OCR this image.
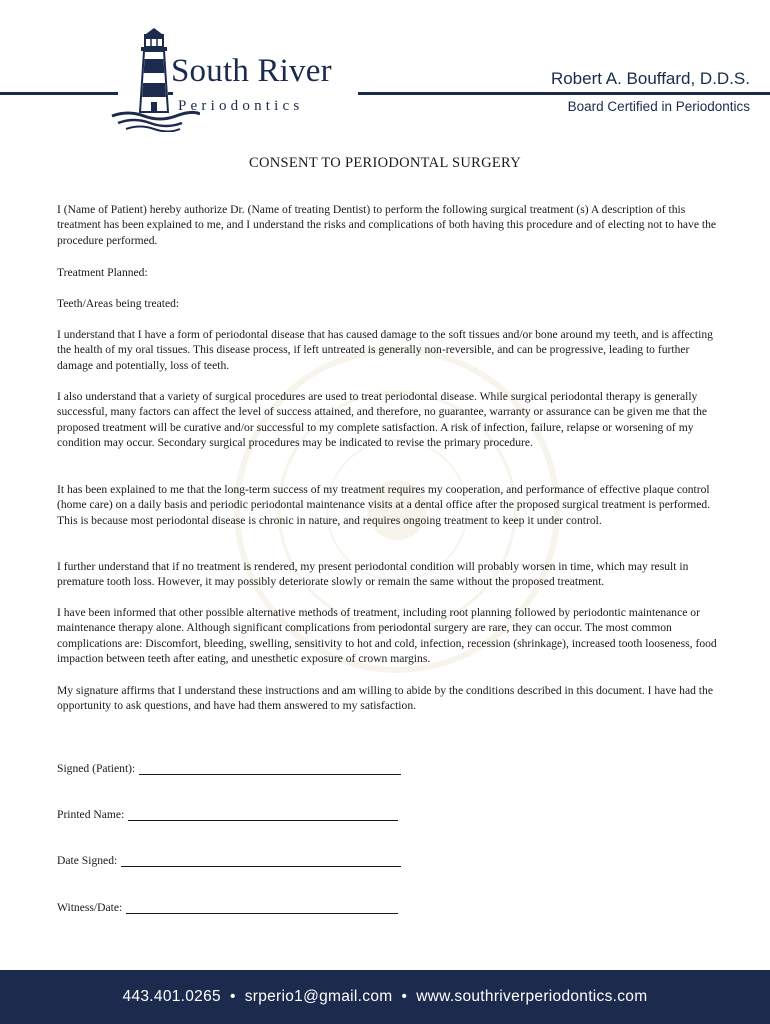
South River
Periodontics
Robert A. Bouffard, D.D.S.
Board Certified in Periodontics
CONSENT TO PERIODONTAL SURGERY

I (Name of Patient) hereby authorize Dr. (Name of treating Dentist) to perform the following surgical treatment (s) A description of this treatment has been explained to me, and I understand the risks and complications of both having this procedure and of electing not to have the procedure performed.

Treatment Planned:

Teeth/Areas being treated:

I understand that I have a form of periodontal disease that has caused damage to the soft tissues and/or bone around my teeth, and is affecting the health of my oral tissues. This disease process, if left untreated is generally non-reversible, and can be progressive, leading to further damage and potentially, loss of teeth.

I also understand that a variety of surgical procedures are used to treat periodontal disease. While surgical periodontal therapy is generally successful, many factors can affect the level of success attained, and therefore, no guarantee, warranty or assurance can be given me that the proposed treatment will be curative and/or successful to my complete satisfaction. A risk of infection, failure, relapse or worsening of my condition may occur. Secondary surgical procedures may be indicated to revise the primary procedure.

It has been explained to me that the long-term success of my treatment requires my cooperation, and performance of effective plaque control (home care) on a daily basis and periodic periodontal maintenance visits at a dental office after the proposed surgical treatment is performed. This is because most periodontal disease is chronic in nature, and requires ongoing treatment to keep it under control.

I further understand that if no treatment is rendered, my present periodontal condition will probably worsen in time, which may result in premature tooth loss. However, it may possibly deteriorate slowly or remain the same without the proposed treatment.

I have been informed that other possible alternative methods of treatment, including root planning followed by periodontic maintenance or maintenance therapy alone. Although significant complications from periodontal surgery are rare, they can occur. The most common complications are: Discomfort, bleeding, swelling, sensitivity to hot and cold, infection, recession (shrinkage), increased tooth looseness, food impaction between teeth after eating, and unesthetic exposure of crown margins.

My signature affirms that I understand these instructions and am willing to abide by the conditions described in this document. I have had the opportunity to ask questions, and have had them answered to my satisfaction.

Signed (Patient):
Printed Name:
Date Signed:
Witness/Date:
443.401.0265 • srperio1@gmail.com • www.southriverperiodontics.com
